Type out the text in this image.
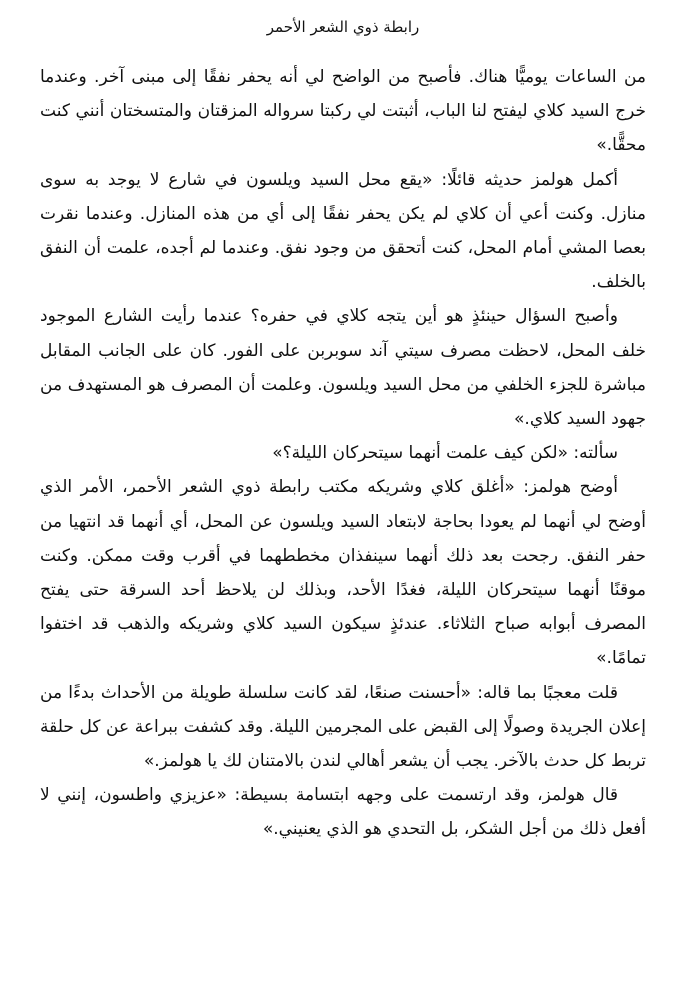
رابطة ذوي الشعر الأحمر

من الساعات يوميًّا هناك. فأصبح من الواضح لي أنه يحفر نفقًا إلى مبنى آخر. وعندما خرج السيد كلاي ليفتح لنا الباب، أثبتت لي ركبتا سرواله المزقتان والمتسختان أنني كنت محقًّا.»

أكمل هولمز حديثه قائلًا: «يقع محل السيد ويلسون في شارع لا يوجد به سوى منازل. وكنت أعي أن كلاي لم يكن يحفر نفقًا إلى أي من هذه المنازل. وعندما نقرت بعصا المشي أمام المحل، كنت أتحقق من وجود نفق. وعندما لم أجده، علمت أن النفق بالخلف.

وأصبح السؤال حينئذٍ هو أين يتجه كلاي في حفره؟ عندما رأيت الشارع الموجود خلف المحل، لاحظت مصرف سيتي آند سوبربن على الفور. كان على الجانب المقابل مباشرة للجزء الخلفي من محل السيد ويلسون. وعلمت أن المصرف هو المستهدف من جهود السيد كلاي.»

سألته: «لكن كيف علمت أنهما سيتحركان الليلة؟»

أوضح هولمز: «أغلق كلاي وشريكه مكتب رابطة ذوي الشعر الأحمر، الأمر الذي أوضح لي أنهما لم يعودا بحاجة لابتعاد السيد ويلسون عن المحل، أي أنهما قد انتهيا من حفر النفق. رجحت بعد ذلك أنهما سينفذان مخططهما في أقرب وقت ممكن. وكنت موقنًا أنهما سيتحركان الليلة، فغدًا الأحد، وبذلك لن يلاحظ أحد السرقة حتى يفتح المصرف أبوابه صباح الثلاثاء. عندئذٍ سيكون السيد كلاي وشريكه والذهب قد اختفوا تمامًا.»

قلت معجبًا بما قاله: «أحسنت صنعًا، لقد كانت سلسلة طويلة من الأحداث بدءًا من إعلان الجريدة وصولًا إلى القبض على المجرمين الليلة. وقد كشفت ببراعة عن كل حلقة تربط كل حدث بالآخر. يجب أن يشعر أهالي لندن بالامتنان لك يا هولمز.»

قال هولمز، وقد ارتسمت على وجهه ابتسامة بسيطة: «عزيزي واطسون، إنني لا أفعل ذلك من أجل الشكر، بل التحدي هو الذي يعنيني.»
